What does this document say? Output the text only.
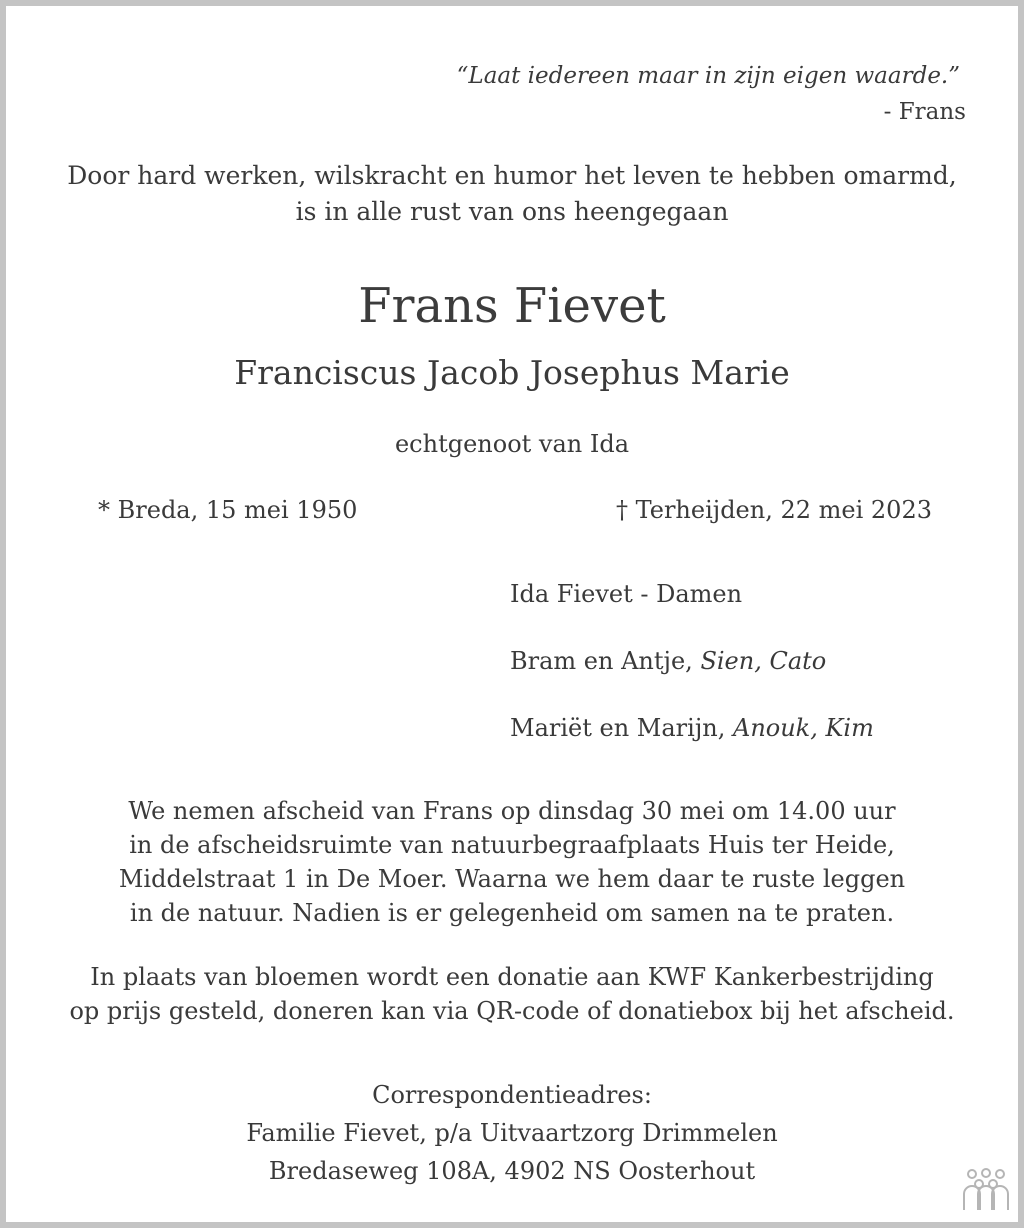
“Laat iedereen maar in zijn eigen waarde.”
- Frans
Door hard werken, wilskracht en humor het leven te hebben omarmd,
is in alle rust van ons heengegaan
Frans Fievet
Franciscus Jacob Josephus Marie
echtgenoot van Ida
* Breda, 15 mei 1950	† Terheijden, 22 mei 2023
Ida Fievet - Damen
Bram en Antje, Sien, Cato
Mariët en Marijn, Anouk, Kim
We nemen afscheid van Frans op dinsdag 30 mei om 14.00 uur
in de afscheidsruimte van natuurbegraafplaats Huis ter Heide,
Middelstraat 1 in De Moer. Waarna we hem daar te ruste leggen
in de natuur. Nadien is er gelegenheid om samen na te praten.
In plaats van bloemen wordt een donatie aan KWF Kankerbestrijding
op prijs gesteld, doneren kan via QR-code of donatiebox bij het afscheid.
Correspondentieadres:
Familie Fievet, p/a Uitvaartzorg Drimmelen
Bredaseweg 108A, 4902 NS Oosterhout
